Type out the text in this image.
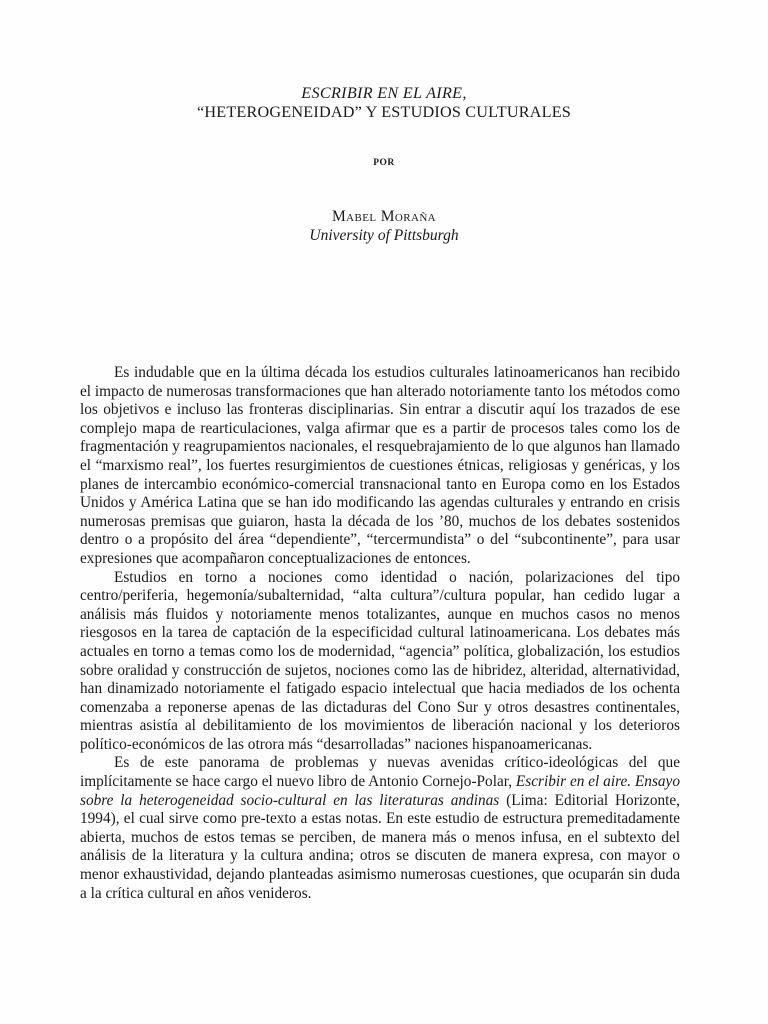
ESCRIBIR EN EL AIRE,
“HETEROGENEIDAD” Y ESTUDIOS CULTURALES
POR
Mabel Moraña
University of Pittsburgh

Es indudable que en la última década los estudios culturales latinoamericanos han recibido el impacto de numerosas transformaciones que han alterado notoriamente tanto los métodos como los objetivos e incluso las fronteras disciplinarias. Sin entrar a discutir aquí los trazados de ese complejo mapa de rearticulaciones, valga afirmar que es a partir de procesos tales como los de fragmentación y reagrupamientos nacionales, el resquebrajamiento de lo que algunos han llamado el “marxismo real”, los fuertes resurgimientos de cuestiones étnicas, religiosas y genéricas, y los planes de intercambio económico-comercial transnacional tanto en Europa como en los Estados Unidos y América Latina que se han ido modificando las agendas culturales y entrando en crisis numerosas premisas que guiaron, hasta la década de los ’80, muchos de los debates sostenidos dentro o a propósito del área “dependiente”, “tercermundista” o del “subcontinente”, para usar expresiones que acompañaron conceptualizaciones de entonces.

Estudios en torno a nociones como identidad o nación, polarizaciones del tipo centro/periferia, hegemonía/subalternidad, “alta cultura”/cultura popular, han cedido lugar a análisis más fluidos y notoriamente menos totalizantes, aunque en muchos casos no menos riesgosos en la tarea de captación de la especificidad cultural latinoamericana. Los debates más actuales en torno a temas como los de modernidad, “agencia” política, globalización, los estudios sobre oralidad y construcción de sujetos, nociones como las de hibridez, alteridad, alternatividad, han dinamizado notoriamente el fatigado espacio intelectual que hacia mediados de los ochenta comenzaba a reponerse apenas de las dictaduras del Cono Sur y otros desastres continentales, mientras asistía al debilitamiento de los movimientos de liberación nacional y los deterioros político-económicos de las otrora más “desarrolladas” naciones hispanoamericanas.

Es de este panorama de problemas y nuevas avenidas crítico-ideológicas del que implícitamente se hace cargo el nuevo libro de Antonio Cornejo-Polar, Escribir en el aire. Ensayo sobre la heterogeneidad socio-cultural en las literaturas andinas (Lima: Editorial Horizonte, 1994), el cual sirve como pre-texto a estas notas. En este estudio de estructura premeditadamente abierta, muchos de estos temas se perciben, de manera más o menos infusa, en el subtexto del análisis de la literatura y la cultura andina; otros se discuten de manera expresa, con mayor o menor exhaustividad, dejando planteadas asimismo numerosas cuestiones, que ocuparán sin duda a la crítica cultural en años venideros.
